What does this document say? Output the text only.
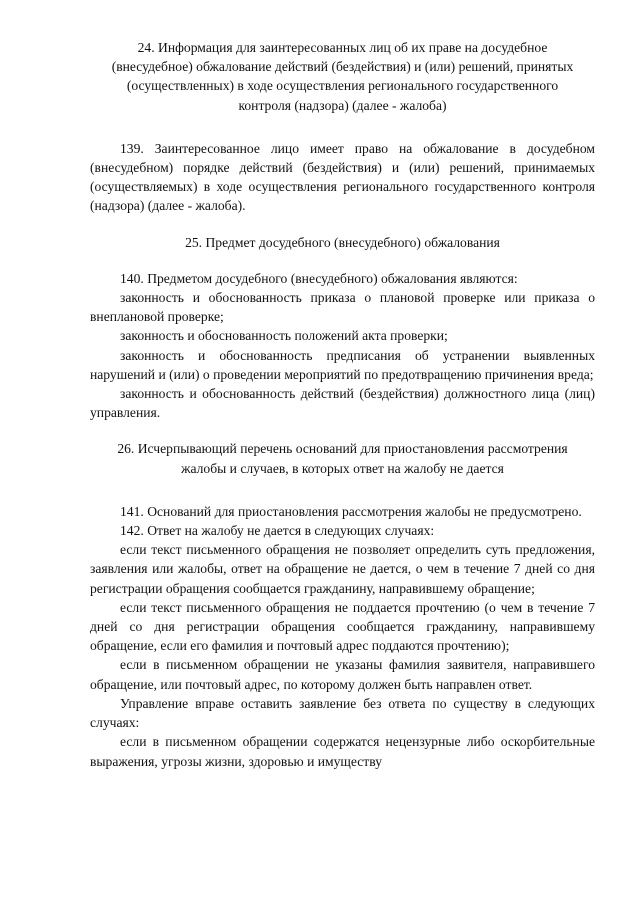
24. Информация для заинтересованных лиц об их праве на досудебное (внесудебное) обжалование действий (бездействия) и (или) решений, принятых (осуществленных) в ходе осуществления регионального государственного контроля (надзора) (далее - жалоба)

139. Заинтересованное лицо имеет право на обжалование в досудебном (внесудебном) порядке действий (бездействия) и (или) решений, принимаемых (осуществляемых) в ходе осуществления регионального государственного контроля (надзора) (далее - жалоба).

25. Предмет досудебного (внесудебного) обжалования

140. Предметом досудебного (внесудебного) обжалования являются:

законность и обоснованность приказа о плановой проверке или приказа о внеплановой проверке;

законность и обоснованность положений акта проверки;

законность и обоснованность предписания об устранении выявленных нарушений и (или) о проведении мероприятий по предотвращению причинения вреда;

законность и обоснованность действий (бездействия) должностного лица (лиц) управления.

26. Исчерпывающий перечень оснований для приостановления рассмотрения жалобы и случаев, в которых ответ на жалобу не дается

141. Оснований для приостановления рассмотрения жалобы не предусмотрено.

142. Ответ на жалобу не дается в следующих случаях:

если текст письменного обращения не позволяет определить суть предложения, заявления или жалобы, ответ на обращение не дается, о чем в течение 7 дней со дня регистрации обращения сообщается гражданину, направившему обращение;

если текст письменного обращения не поддается прочтению (о чем в течение 7 дней со дня регистрации обращения сообщается гражданину, направившему обращение, если его фамилия и почтовый адрес поддаются прочтению);

если в письменном обращении не указаны фамилия заявителя, направившего обращение, или почтовый адрес, по которому должен быть направлен ответ.

Управление вправе оставить заявление без ответа по существу в следующих случаях:

если в письменном обращении содержатся нецензурные либо оскорбительные выражения, угрозы жизни, здоровью и имуществу
